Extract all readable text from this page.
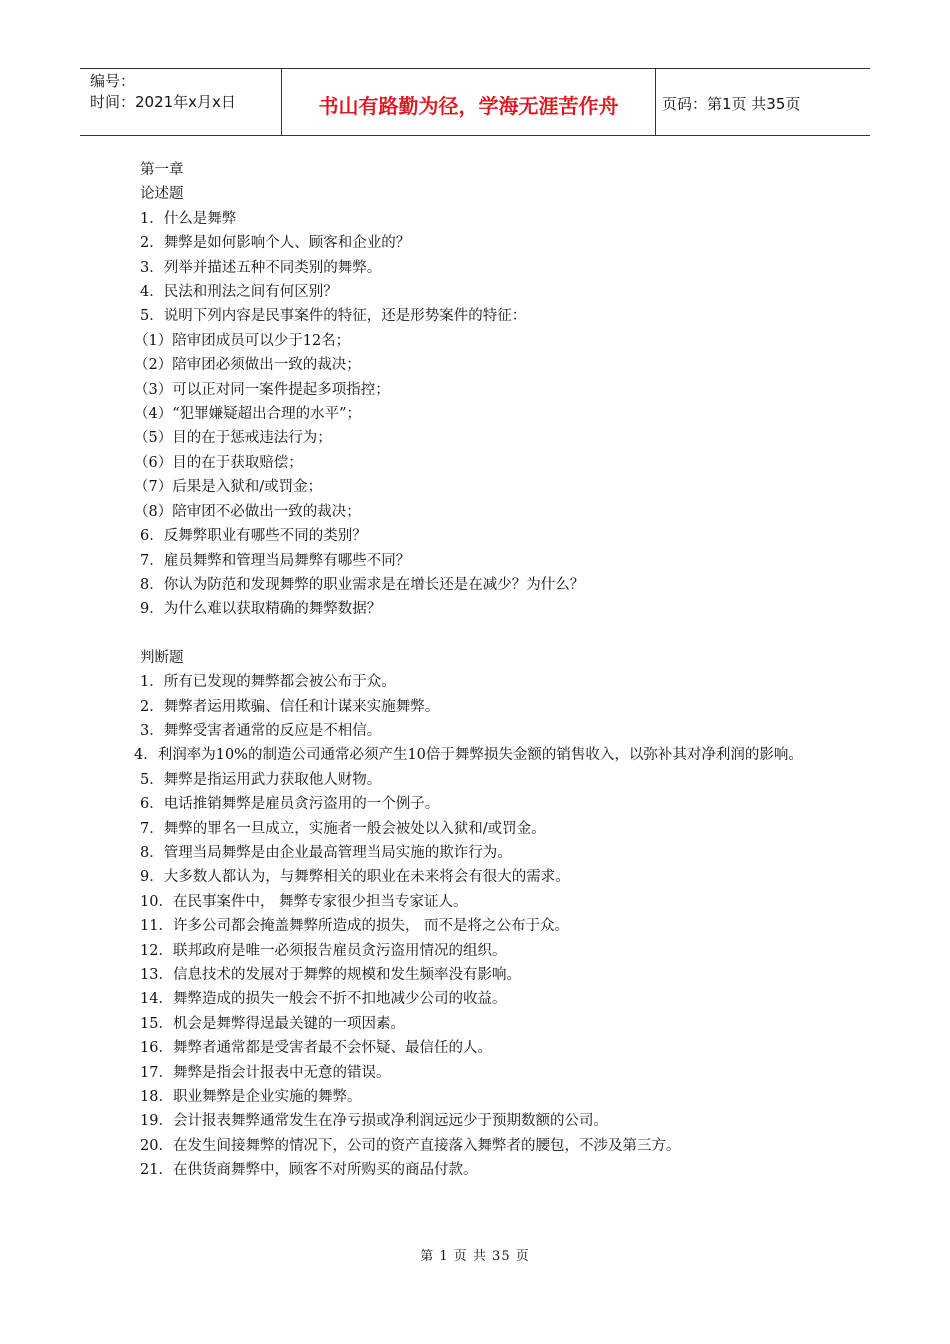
编号：
时间：2021年x月x日	书山有路勤为径，学海无涯苦作舟	页码：第1页 共35页
第一章
论述题
1．什么是舞弊
2．舞弊是如何影响个人、顾客和企业的？
3．列举并描述五种不同类别的舞弊。
4．民法和刑法之间有何区别？
5．说明下列内容是民事案件的特征，还是形势案件的特征：
（1）陪审团成员可以少于12名；
（2）陪审团必须做出一致的裁决；
（3）可以正对同一案件提起多项指控；
（4）“犯罪嫌疑超出合理的水平”；
（5）目的在于惩戒违法行为；
（6）目的在于获取赔偿；
（7）后果是入狱和/或罚金；
（8）陪审团不必做出一致的裁决；
6．反舞弊职业有哪些不同的类别？
7．雇员舞弊和管理当局舞弊有哪些不同？
8．你认为防范和发现舞弊的职业需求是在增长还是在减少？为什么？
9．为什么难以获取精确的舞弊数据？
判断题
1．所有已发现的舞弊都会被公布于众。
2．舞弊者运用欺骗、信任和计谋来实施舞弊。
3．舞弊受害者通常的反应是不相信。
4．利润率为10%的制造公司通常必须产生10倍于舞弊损失金额的销售收入，以弥补其对净利润的影响。
5．舞弊是指运用武力获取他人财物。
6．电话推销舞弊是雇员贪污盗用的一个例子。
7．舞弊的罪名一旦成立，实施者一般会被处以入狱和/或罚金。
8．管理当局舞弊是由企业最高管理当局实施的欺诈行为。
9．大多数人都认为，与舞弊相关的职业在未来将会有很大的需求。
10．在民事案件中， 舞弊专家很少担当专家证人。
11．许多公司都会掩盖舞弊所造成的损失， 而不是将之公布于众。
12．联邦政府是唯一必须报告雇员贪污盗用情况的组织。
13．信息技术的发展对于舞弊的规模和发生频率没有影响。
14．舞弊造成的损失一般会不折不扣地减少公司的收益。
15．机会是舞弊得逞最关键的一项因素。
16．舞弊者通常都是受害者最不会怀疑、最信任的人。
17．舞弊是指会计报表中无意的错误。
18．职业舞弊是企业实施的舞弊。
19．会计报表舞弊通常发生在净亏损或净利润远远少于预期数额的公司。
20．在发生间接舞弊的情况下，公司的资产直接落入舞弊者的腰包，不涉及第三方。
21．在供货商舞弊中，顾客不对所购买的商品付款。
第 1 页 共 35 页
